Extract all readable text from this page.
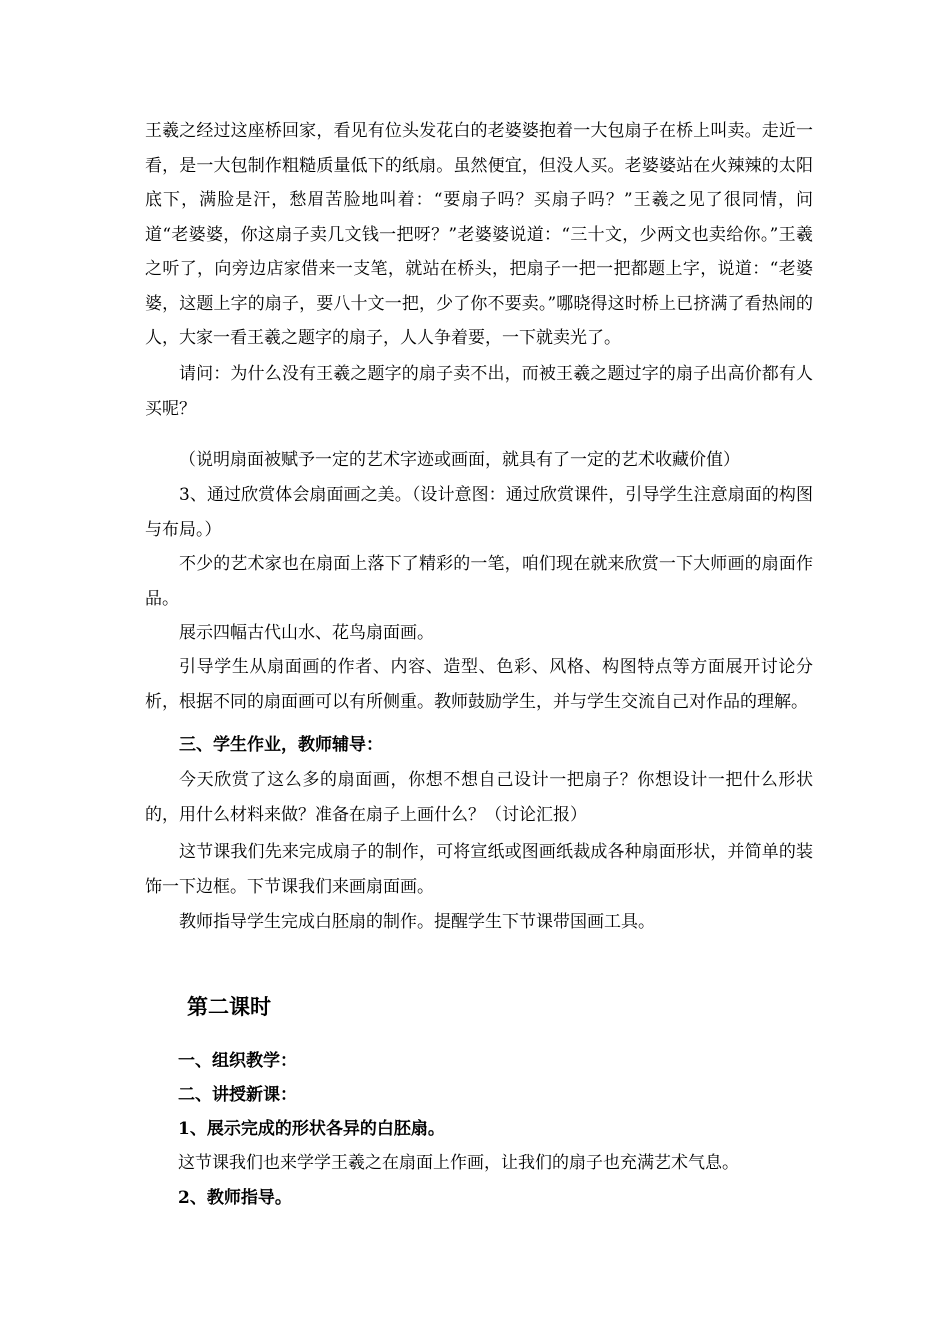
王羲之经过这座桥回家，看见有位头发花白的老婆婆抱着一大包扇子在桥上叫卖。走近一看，是一大包制作粗糙质量低下的纸扇。虽然便宜，但没人买。老婆婆站在火辣辣的太阳底下，满脸是汗，愁眉苦脸地叫着：“要扇子吗？买扇子吗？”王羲之见了很同情，问道“老婆婆，你这扇子卖几文钱一把呀？”老婆婆说道：“三十文，少两文也卖给你。”王羲之听了，向旁边店家借来一支笔，就站在桥头，把扇子一把一把都题上字，说道：“老婆婆，这题上字的扇子，要八十文一把，少了你不要卖。”哪晓得这时桥上已挤满了看热闹的人，大家一看王羲之题字的扇子，人人争着要，一下就卖光了。

请问：为什么没有王羲之题字的扇子卖不出，而被王羲之题过字的扇子出高价都有人买呢？

（说明扇面被赋予一定的艺术字迹或画面，就具有了一定的艺术收藏价值）

3、通过欣赏体会扇面画之美。（设计意图：通过欣赏课件，引导学生注意扇面的构图与布局。）

不少的艺术家也在扇面上落下了精彩的一笔，咱们现在就来欣赏一下大师画的扇面作品。

展示四幅古代山水、花鸟扇面画。

引导学生从扇面画的作者、内容、造型、色彩、风格、构图特点等方面展开讨论分析，根据不同的扇面画可以有所侧重。教师鼓励学生，并与学生交流自己对作品的理解。

三、学生作业，教师辅导：

今天欣赏了这么多的扇面画，你想不想自己设计一把扇子？你想设计一把什么形状的，用什么材料来做？准备在扇子上画什么？（讨论汇报）

这节课我们先来完成扇子的制作，可将宣纸或图画纸裁成各种扇面形状，并简单的装饰一下边框。下节课我们来画扇面画。

教师指导学生完成白胚扇的制作。提醒学生下节课带国画工具。

第二课时

一、组织教学：

二、讲授新课：

1、展示完成的形状各异的白胚扇。

这节课我们也来学学王羲之在扇面上作画，让我们的扇子也充满艺术气息。

2、教师指导。
